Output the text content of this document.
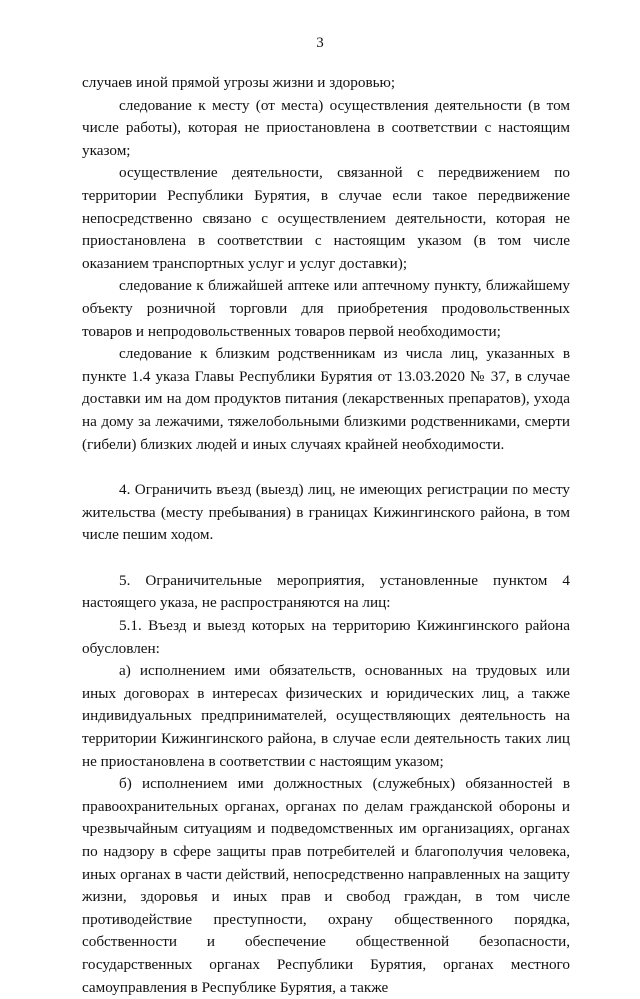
3

случаев иной прямой угрозы жизни и здоровью;

следование к месту (от места) осуществления деятельности (в том числе работы), которая не приостановлена в соответствии с настоящим указом;

осуществление деятельности, связанной с передвижением по территории Республики Бурятия, в случае если такое передвижение непосредственно связано с осуществлением деятельности, которая не приостановлена в соответствии с настоящим указом (в том числе оказанием транспортных услуг и услуг доставки);

следование к ближайшей аптеке или аптечному пункту, ближайшему объекту розничной торговли для приобретения продовольственных товаров и непродовольственных товаров первой необходимости;

следование к близким родственникам из числа лиц, указанных в пункте 1.4 указа Главы Республики Бурятия от 13.03.2020 № 37, в случае доставки им на дом продуктов питания (лекарственных препаратов), ухода на дому за лежачими, тяжелобольными близкими родственниками, смерти (гибели) близких людей и иных случаях крайней необходимости.

4. Ограничить въезд (выезд) лиц, не имеющих регистрации по месту жительства (месту пребывания) в границах Кижингинского района, в том числе пешим ходом.

5. Ограничительные мероприятия, установленные пунктом 4 настоящего указа, не распространяются на лиц:

5.1. Въезд и выезд которых на территорию Кижингинского района обусловлен:

а) исполнением ими обязательств, основанных на трудовых или иных договорах в интересах физических и юридических лиц, а также индивидуальных предпринимателей, осуществляющих деятельность на территории Кижингинского района, в случае если деятельность таких лиц не приостановлена в соответствии с настоящим указом;

б) исполнением ими должностных (служебных) обязанностей в правоохранительных органах, органах по делам гражданской обороны и чрезвычайным ситуациям и подведомственных им организациях, органах по надзору в сфере защиты прав потребителей и благополучия человека, иных органах в части действий, непосредственно направленных на защиту жизни, здоровья и иных прав и свобод граждан, в том числе противодействие преступности, охрану общественного порядка, собственности и обеспечение общественной безопасности, государственных органах Республики Бурятия, органах местного самоуправления в Республике Бурятия, а также
